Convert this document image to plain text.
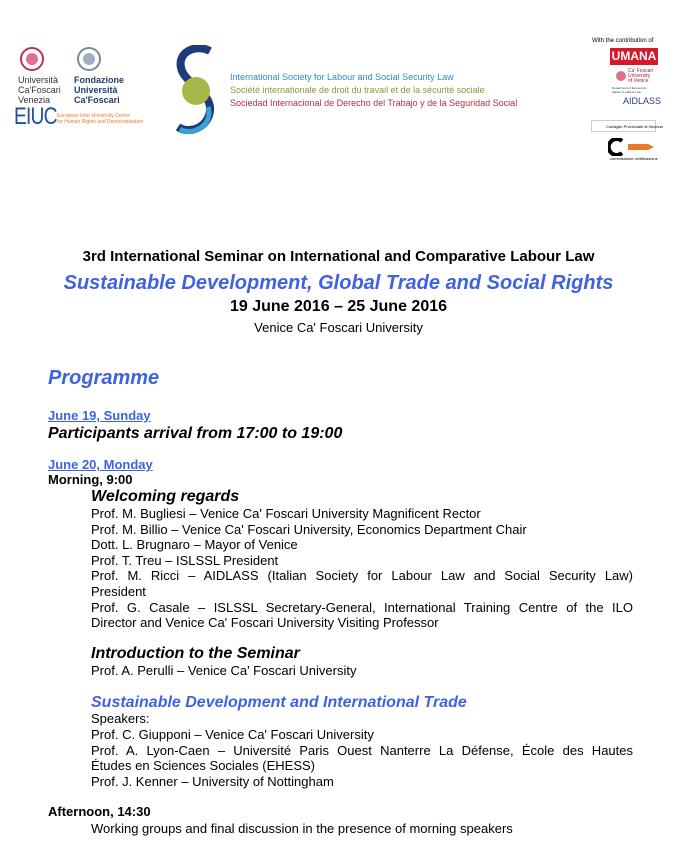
Università
Ca'Foscari
Venezia
Fondazione
Università
Ca'Foscari
EIUC European Inter-University Centre
for Human Rights and Democratisation
International Society for Labour and Social Security Law
Société internationale de droit du travail et de la sécurité sociale
Sociedad Internacional de Derecho del Trabajo y de la Seguridad Social
With the contribution of
UMANA
Ca' Foscari
University
of Venice
Department of Economics
Master in Labour Law
AIDLASS
Consiglio Provinciale di Venezia
commissione certificazione
3rd International Seminar on International and Comparative Labour Law
Sustainable Development, Global Trade and Social Rights
19 June 2016 – 25 June 2016
Venice Ca' Foscari University
Programme
June 19, Sunday
Participants arrival from 17:00 to 19:00
June 20, Monday
Morning, 9:00
Welcoming regards
Prof. M. Bugliesi – Venice Ca' Foscari University Magnificent Rector
Prof. M. Billio – Venice Ca' Foscari University, Economics Department Chair
Dott. L. Brugnaro – Mayor of Venice
Prof. T. Treu – ISLSSL President
Prof. M. Ricci – AIDLASS (Italian Society for Labour Law and Social Security Law)
President
Prof. G. Casale – ISLSSL Secretary-General, International Training Centre of the ILO
Director and Venice Ca' Foscari University Visiting Professor
Introduction to the Seminar
Prof. A. Perulli – Venice Ca' Foscari University
Sustainable Development and International Trade
Speakers:
Prof. C. Giupponi – Venice Ca' Foscari University
Prof. A. Lyon-Caen – Université Paris Ouest Nanterre La Défense, École des Hautes
Études en Sciences Sociales (EHESS)
Prof. J. Kenner – University of Nottingham
Afternoon, 14:30
Working groups and final discussion in the presence of morning speakers
